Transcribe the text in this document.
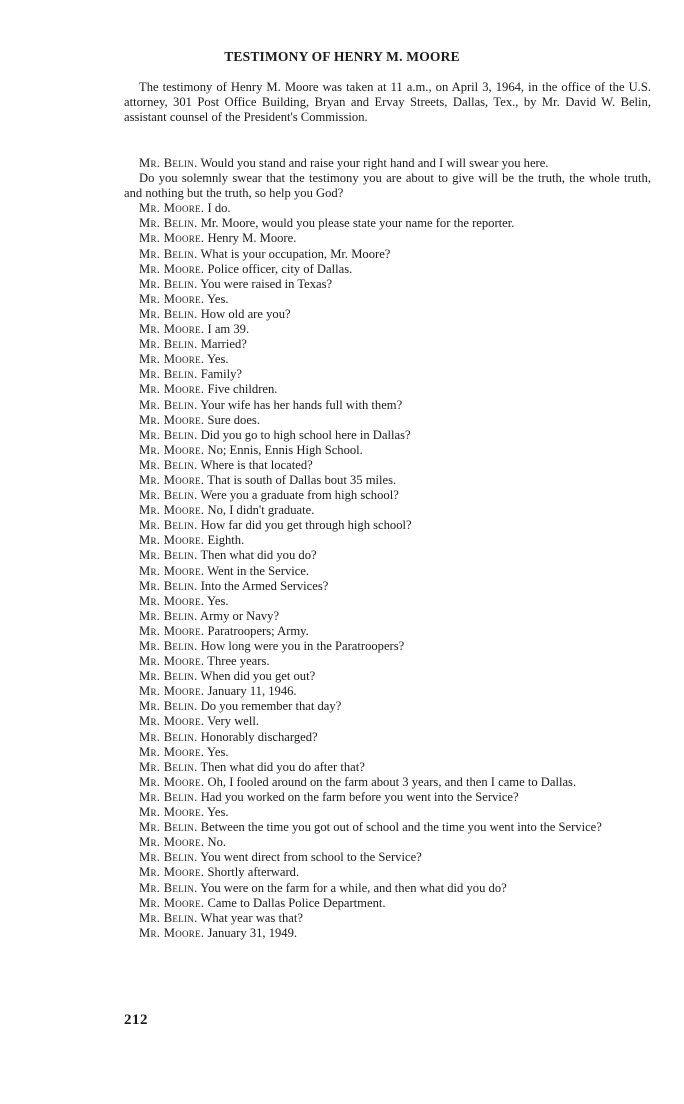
TESTIMONY OF HENRY M. MOORE

The testimony of Henry M. Moore was taken at 11 a.m., on April 3, 1964, in the office of the U.S. attorney, 301 Post Office Building, Bryan and Ervay Streets, Dallas, Tex., by Mr. David W. Belin, assistant counsel of the President's Commission.

Mr. Belin. Would you stand and raise your right hand and I will swear you here.

Do you solemnly swear that the testimony you are about to give will be the truth, the whole truth, and nothing but the truth, so help you God?

Mr. Moore. I do.

Mr. Belin. Mr. Moore, would you please state your name for the reporter.

Mr. Moore. Henry M. Moore.

Mr. Belin. What is your occupation, Mr. Moore?

Mr. Moore. Police officer, city of Dallas.

Mr. Belin. You were raised in Texas?

Mr. Moore. Yes.

Mr. Belin. How old are you?

Mr. Moore. I am 39.

Mr. Belin. Married?

Mr. Moore. Yes.

Mr. Belin. Family?

Mr. Moore. Five children.

Mr. Belin. Your wife has her hands full with them?

Mr. Moore. Sure does.

Mr. Belin. Did you go to high school here in Dallas?

Mr. Moore. No; Ennis, Ennis High School.

Mr. Belin. Where is that located?

Mr. Moore. That is south of Dallas bout 35 miles.

Mr. Belin. Were you a graduate from high school?

Mr. Moore. No, I didn't graduate.

Mr. Belin. How far did you get through high school?

Mr. Moore. Eighth.

Mr. Belin. Then what did you do?

Mr. Moore. Went in the Service.

Mr. Belin. Into the Armed Services?

Mr. Moore. Yes.

Mr. Belin. Army or Navy?

Mr. Moore. Paratroopers; Army.

Mr. Belin. How long were you in the Paratroopers?

Mr. Moore. Three years.

Mr. Belin. When did you get out?

Mr. Moore. January 11, 1946.

Mr. Belin. Do you remember that day?

Mr. Moore. Very well.

Mr. Belin. Honorably discharged?

Mr. Moore. Yes.

Mr. Belin. Then what did you do after that?

Mr. Moore. Oh, I fooled around on the farm about 3 years, and then I came to Dallas.

Mr. Belin. Had you worked on the farm before you went into the Service?

Mr. Moore. Yes.

Mr. Belin. Between the time you got out of school and the time you went into the Service?

Mr. Moore. No.

Mr. Belin. You went direct from school to the Service?

Mr. Moore. Shortly afterward.

Mr. Belin. You were on the farm for a while, and then what did you do?

Mr. Moore. Came to Dallas Police Department.

Mr. Belin. What year was that?

Mr. Moore. January 31, 1949.

212
